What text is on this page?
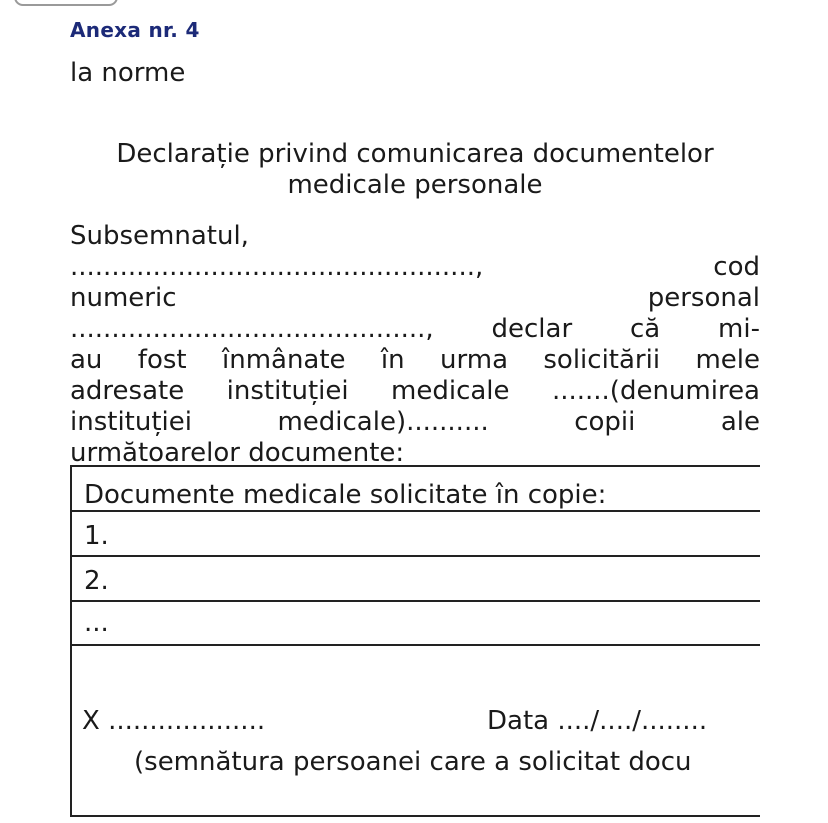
Anexa nr. 4
la norme
Declarație privind comunicarea documentelor
medicale personale
Subsemnatul,
................................................., cod
numeric personal
..........................................., declar că mi-
au fost înmânate în urma solicitării mele
adresate instituției medicale .......(denumirea
instituției medicale).......... copii ale
următoarelor documente:
Documente medicale solicitate în copie:
1.
2.
...
X ...................	Data ..../..../........
(semnătura persoanei care a solicitat docu
